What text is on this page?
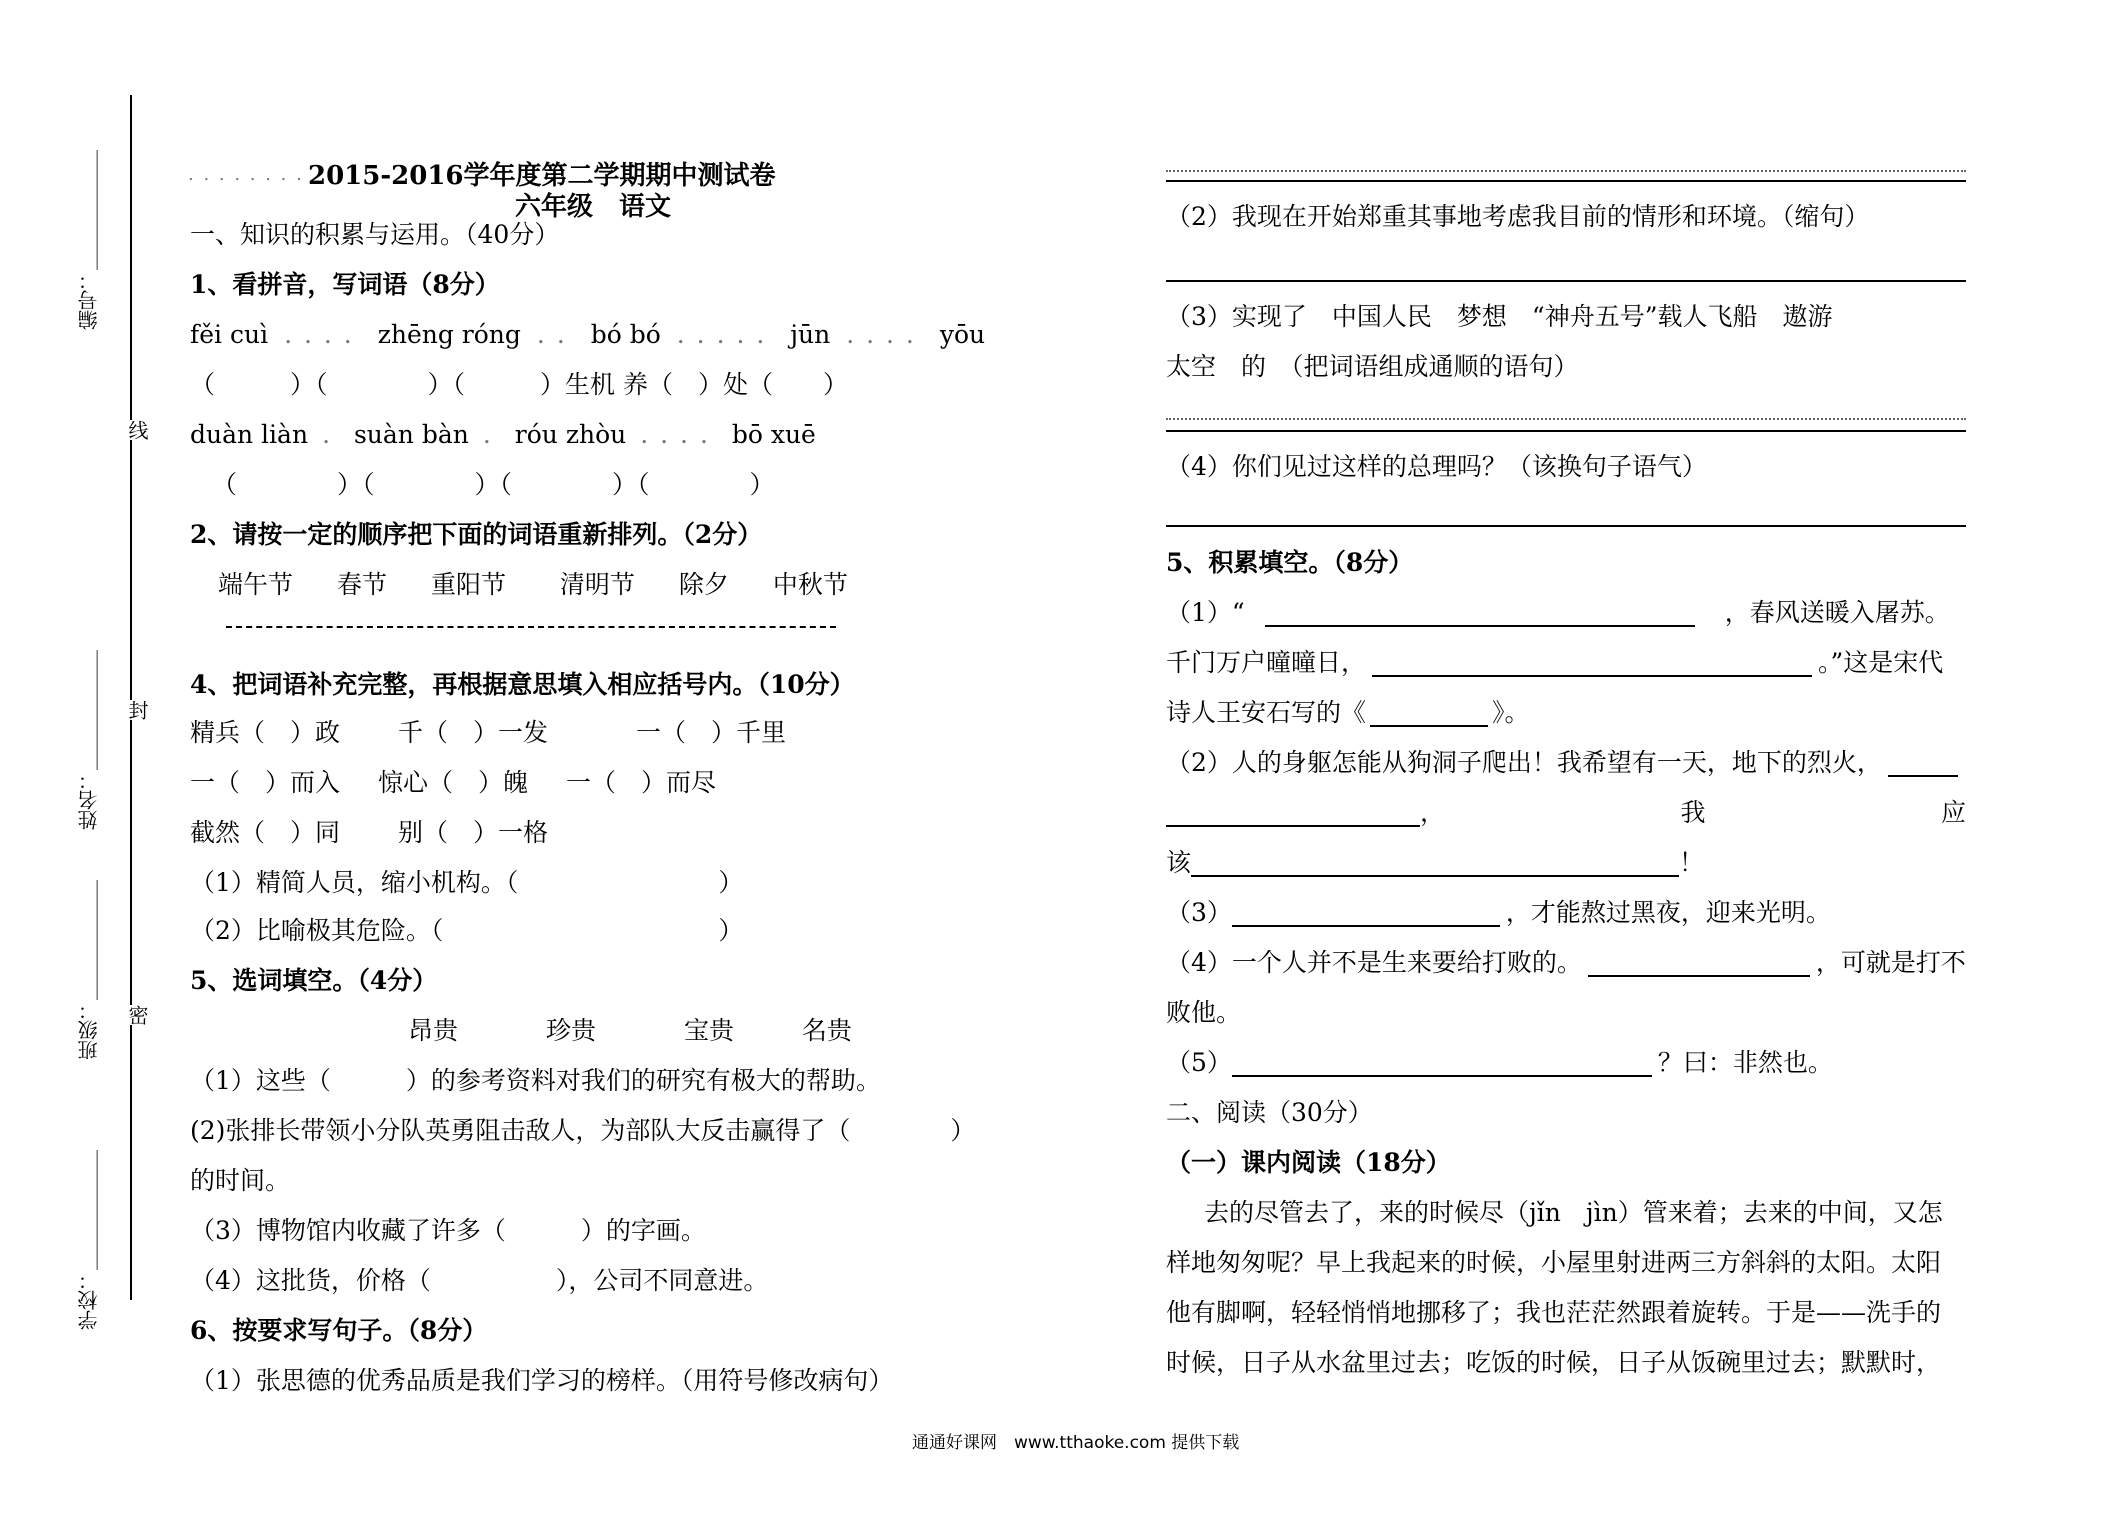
编号：＿＿＿＿＿＿
姓名：＿＿＿＿＿＿
班级：＿＿＿＿＿＿
学校：＿＿＿＿＿＿
线
封
密
. . . . . . . . 2015-2016学年度第二学期期中测试卷
六年级　语文
一、知识的积累与运用。（40分）
1、看拼音，写词语（8分）
fěi cuì . . . . zhēng róng . . bó bó . . . . . jūn . . . . yōu
（　　　）（　　　　）（　　　）生机 养（　）处（　　）
duàn liàn . suàn bàn . róu zhòu . . . . bō xuē
（　　　　）（　　　　）（　　　　）（　　　　）
2、请按一定的顺序把下面的词语重新排列。（2分）
端午节 春节 重阳节 清明节 除夕 中秋节
4、把词语补充完整，再根据意思填入相应括号内。（10分）
精兵（　）政 千（　）一发	一（　）千里
一（　）而入 惊心（　）魄 一（　）而尽
截然（　）同 别（　）一格
（1）精简人员，缩小机构。（　　　　　　　　）
（2）比喻极其危险。（　　　　　　　　　　　）
5、选词填空。（4分）
昂贵	珍贵	宝贵	名贵
（1）这些（　　　）的参考资料对我们的研究有极大的帮助。
(2)张排长带领小分队英勇阻击敌人，为部队大反击赢得了（　　　　）
的时间。
（3）博物馆内收藏了许多（　　　）的字画。
（4）这批货，价格（　　　　　），公司不同意进。
6、按要求写句子。（8分）
（1）张思德的优秀品质是我们学习的榜样。（用符号修改病句）
（2）我现在开始郑重其事地考虑我目前的情形和环境。（缩句）
（3）实现了　中国人民　梦想　“神舟五号”载人飞船　遨游
太空　的　（把词语组成通顺的语句）
（4）你们见过这样的总理吗？（该换句子语气）
5、积累填空。（8分）
（1）“	，春风送暖入屠苏。
千门万户曈曈日，	。”这是宋代
诗人王安石写的《	》。
（2）人的身躯怎能从狗洞子爬出！我希望有一天，地下的烈火，
，	我	应
该	！
（3）	，才能熬过黑夜，迎来光明。
（4）一个人并不是生来要给打败的。	，可就是打不
败他。
（5）	？曰：非然也。
二、阅读（30分）
（一）课内阅读（18分）
去的尽管去了，来的时候尽（jǐn　jìn）管来着；去来的中间，又怎
样地匆匆呢？早上我起来的时候，小屋里射进两三方斜斜的太阳。太阳
他有脚啊，轻轻悄悄地挪移了；我也茫茫然跟着旋转。于是——洗手的
时候，日子从水盆里过去；吃饭的时候，日子从饭碗里过去；默默时，
通通好课网　www.tthaoke.com 提供下载
